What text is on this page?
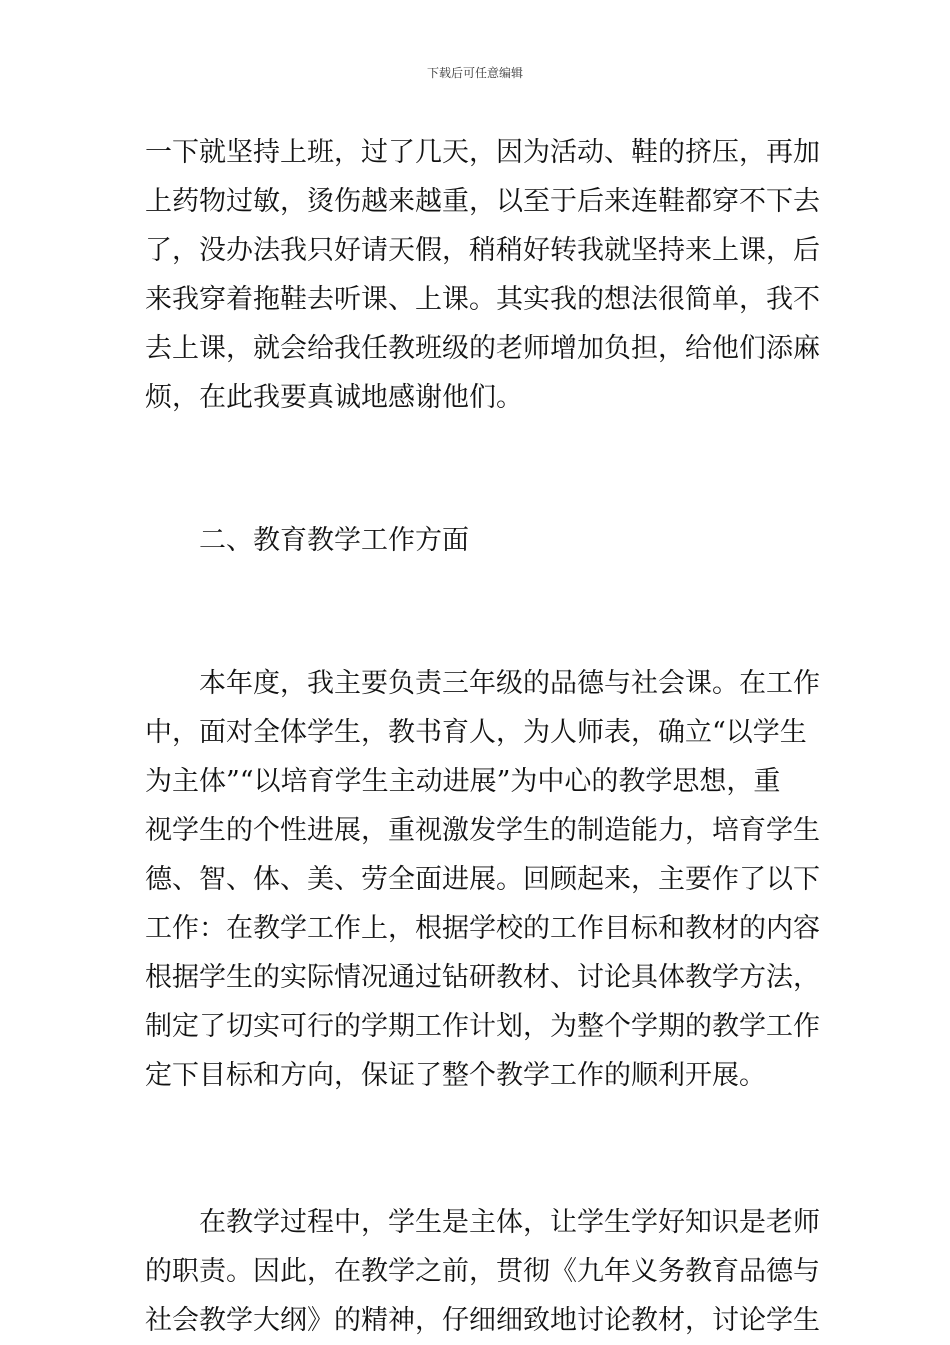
下载后可任意编辑

一下就坚持上班，过了几天，因为活动、鞋的挤压，再加
上药物过敏，烫伤越来越重，以至于后来连鞋都穿不下去
了，没办法我只好请天假，稍稍好转我就坚持来上课，后
来我穿着拖鞋去听课、上课。其实我的想法很简单，我不
去上课，就会给我任教班级的老师增加负担，给他们添麻
烦，在此我要真诚地感谢他们。

　　二、教育教学工作方面

　　本年度，我主要负责三年级的品德与社会课。在工作
中，面对全体学生，教书育人，为人师表，确立“以学生
为主体”“以培育学生主动进展”为中心的教学思想，重
视学生的个性进展，重视激发学生的制造能力，培育学生
德、智、体、美、劳全面进展。回顾起来，主要作了以下
工作：在教学工作上，根据学校的工作目标和教材的内容
根据学生的实际情况通过钻研教材、讨论具体教学方法，
制定了切实可行的学期工作计划，为整个学期的教学工作
定下目标和方向，保证了整个教学工作的顺利开展。

　　在教学过程中，学生是主体，让学生学好知识是老师
的职责。因此，在教学之前，贯彻《九年义务教育品德与
社会教学大纲》的精神，仔细细致地讨论教材，讨论学生
